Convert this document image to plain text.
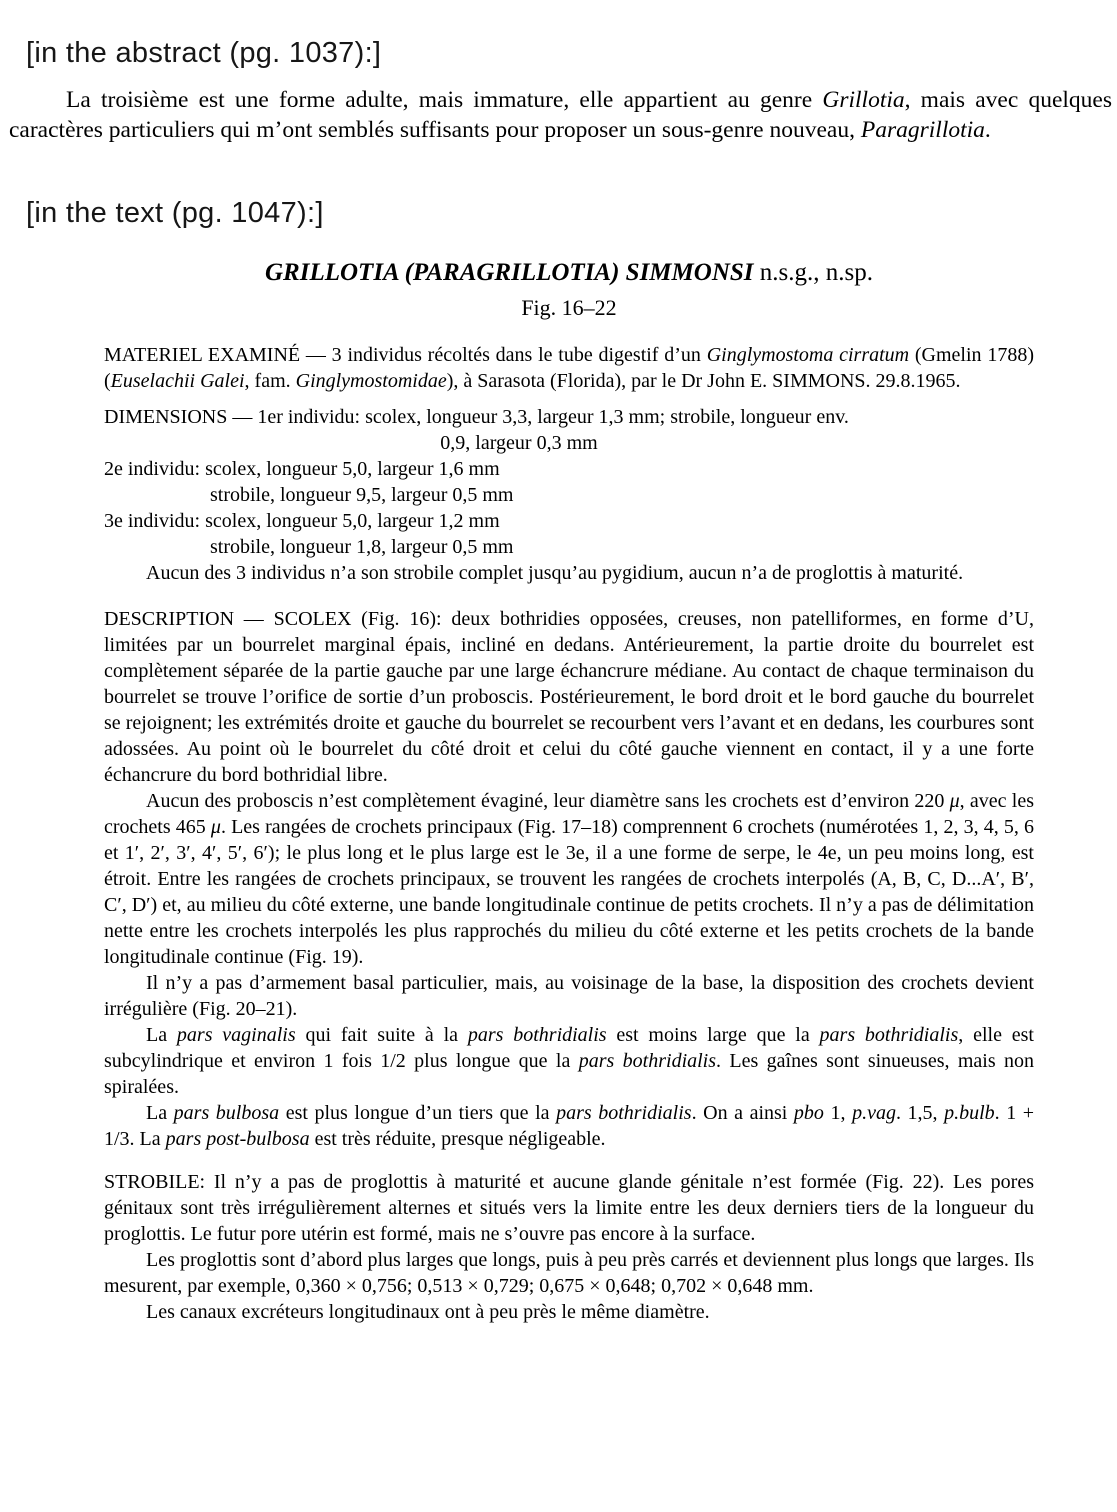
[in the abstract (pg. 1037):]

La troisième est une forme adulte, mais immature, elle appartient au genre Grillotia, mais avec quelques caractères particuliers qui m’ont semblés suffisants pour proposer un sous-genre nouveau, Paragrillotia.

[in the text (pg. 1047):]
GRILLOTIA (PARAGRILLOTIA) SIMMONSI n.s.g., n.sp.
Fig. 16–22

MATERIEL EXAMINÉ — 3 individus récoltés dans le tube digestif d’un Ginglymostoma cirratum (Gmelin 1788) (Euselachii Galei, fam. Ginglymostomidae), à Sarasota (Florida), par le Dr John E. SIMMONS. 29.8.1965.

DIMENSIONS — 1er individu: scolex, longueur 3,3, largeur 1,3 mm; strobile, longueur env.

0,9, largeur 0,3 mm

2e individu: scolex, longueur 5,0, largeur 1,6 mm

strobile, longueur 9,5, largeur 0,5 mm

3e individu: scolex, longueur 5,0, largeur 1,2 mm

strobile, longueur 1,8, largeur 0,5 mm

Aucun des 3 individus n’a son strobile complet jusqu’au pygidium, aucun n’a de proglottis à maturité.

DESCRIPTION — SCOLEX (Fig. 16): deux bothridies opposées, creuses, non patelliformes, en forme d’U, limitées par un bourrelet marginal épais, incliné en dedans. Antérieurement, la partie droite du bourrelet est complètement séparée de la partie gauche par une large échancrure médiane. Au contact de chaque terminaison du bourrelet se trouve l’orifice de sortie d’un proboscis. Postérieurement, le bord droit et le bord gauche du bourrelet se rejoignent; les extrémités droite et gauche du bourrelet se recourbent vers l’avant et en dedans, les courbures sont adossées. Au point où le bourrelet du côté droit et celui du côté gauche viennent en contact, il y a une forte échancrure du bord bothridial libre.

Aucun des proboscis n’est complètement évaginé, leur diamètre sans les crochets est d’environ 220 μ, avec les crochets 465 μ. Les rangées de crochets principaux (Fig. 17–18) comprennent 6 crochets (numérotées 1, 2, 3, 4, 5, 6 et 1′, 2′, 3′, 4′, 5′, 6′); le plus long et le plus large est le 3e, il a une forme de serpe, le 4e, un peu moins long, est étroit. Entre les rangées de crochets principaux, se trouvent les rangées de crochets interpolés (A, B, C, D...A′, B′, C′, D′) et, au milieu du côté externe, une bande longitudinale continue de petits crochets. Il n’y a pas de délimitation nette entre les crochets interpolés les plus rapprochés du milieu du côté externe et les petits crochets de la bande longitudinale continue (Fig. 19).

Il n’y a pas d’armement basal particulier, mais, au voisinage de la base, la disposition des crochets devient irrégulière (Fig. 20–21).

La pars vaginalis qui fait suite à la pars bothridialis est moins large que la pars bothridialis, elle est subcylindrique et environ 1 fois 1/2 plus longue que la pars bothridialis. Les gaînes sont sinueuses, mais non spiralées.

La pars bulbosa est plus longue d’un tiers que la pars bothridialis. On a ainsi pbo 1, p.vag. 1,5, p.bulb. 1 + 1/3. La pars post-bulbosa est très réduite, presque négligeable.

STROBILE: Il n’y a pas de proglottis à maturité et aucune glande génitale n’est formée (Fig. 22). Les pores génitaux sont très irrégulièrement alternes et situés vers la limite entre les deux derniers tiers de la longueur du proglottis. Le futur pore utérin est formé, mais ne s’ouvre pas encore à la surface.

Les proglottis sont d’abord plus larges que longs, puis à peu près carrés et deviennent plus longs que larges. Ils mesurent, par exemple, 0,360 × 0,756; 0,513 × 0,729; 0,675 × 0,648; 0,702 × 0,648 mm.

Les canaux excréteurs longitudinaux ont à peu près le même diamètre.
